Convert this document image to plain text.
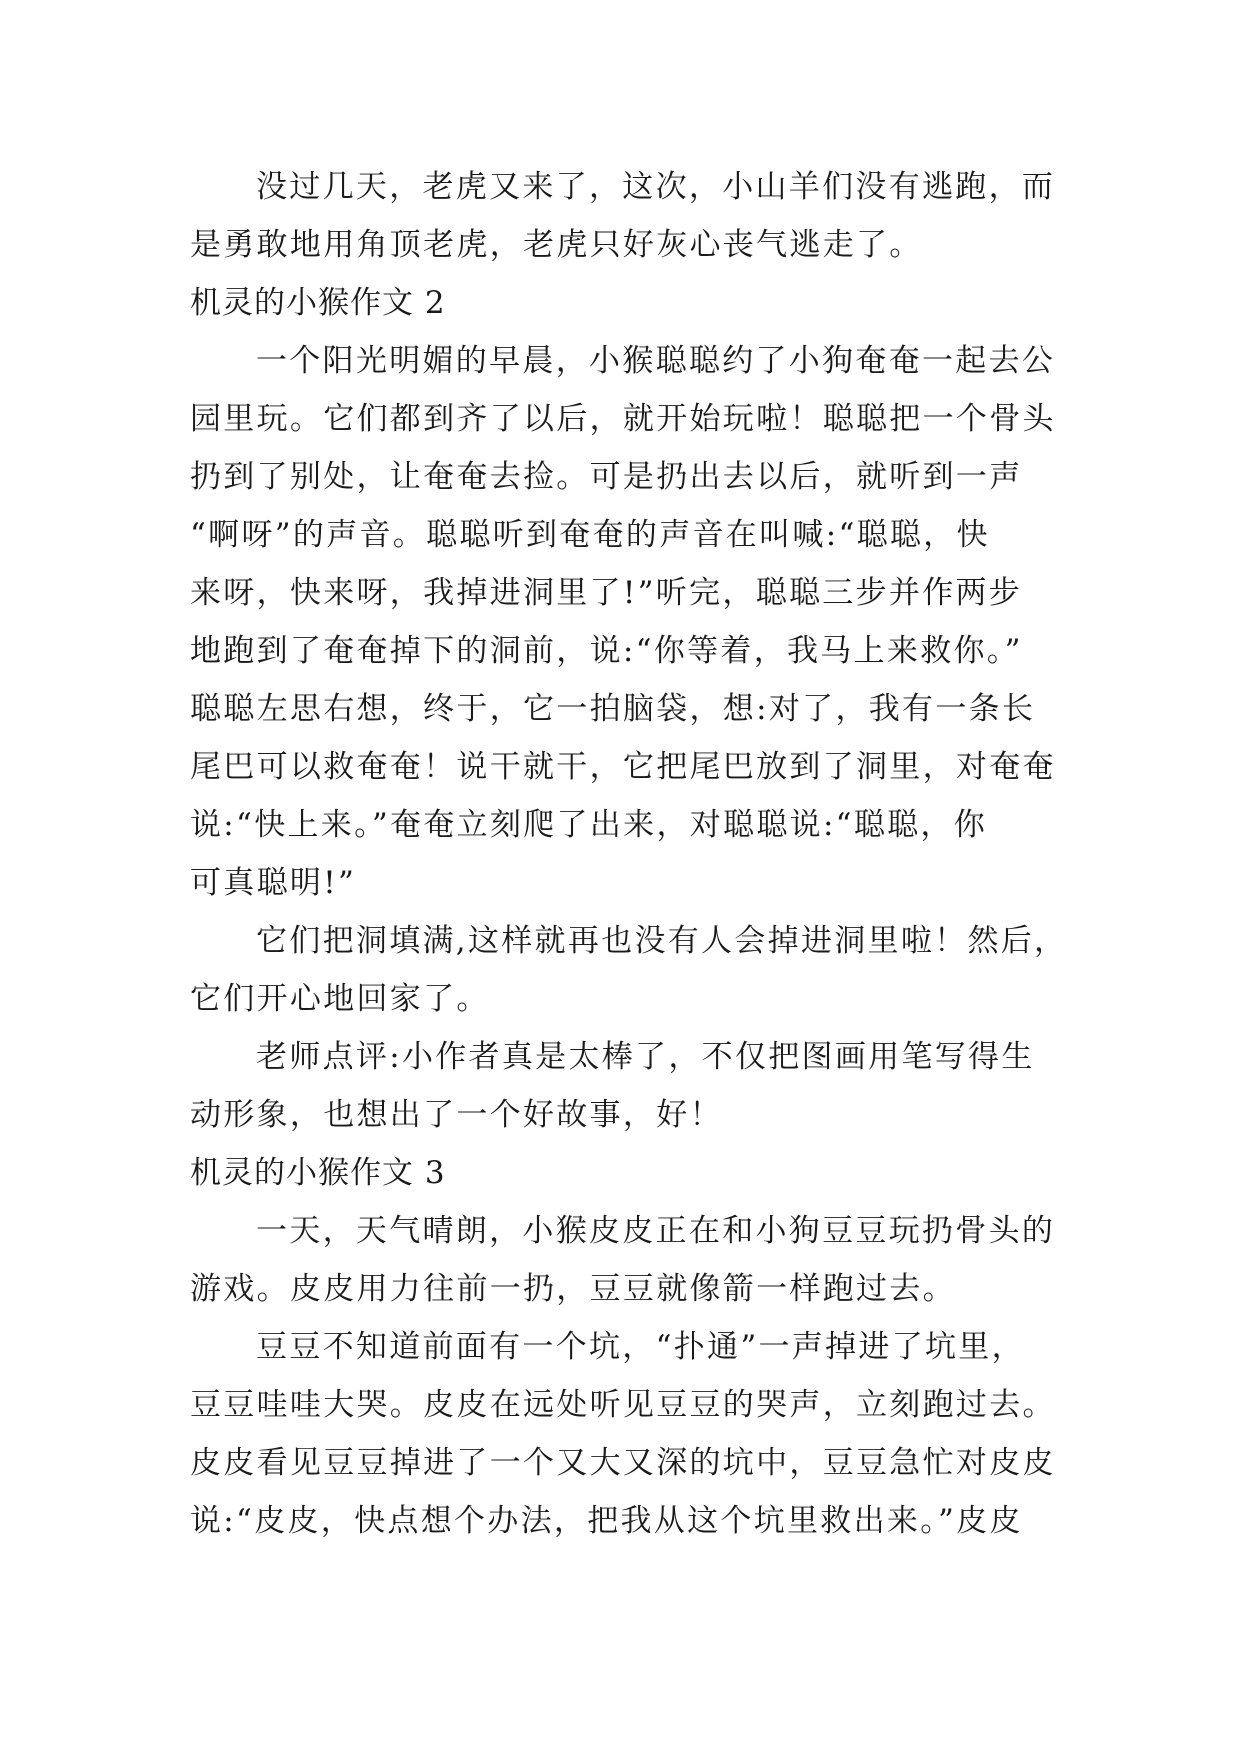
没过几天，老虎又来了，这次，小山羊们没有逃跑，而
是勇敢地用角顶老虎，老虎只好灰心丧气逃走了。
机灵的小猴作文 2
一个阳光明媚的早晨，小猴聪聪约了小狗奄奄一起去公
园里玩。它们都到齐了以后，就开始玩啦！聪聪把一个骨头
扔到了别处，让奄奄去捡。可是扔出去以后，就听到一声
“啊呀”的声音。聪聪听到奄奄的声音在叫喊:“聪聪，快
来呀，快来呀，我掉进洞里了!”听完，聪聪三步并作两步
地跑到了奄奄掉下的洞前，说:“你等着，我马上来救你。”
聪聪左思右想，终于，它一拍脑袋，想:对了，我有一条长
尾巴可以救奄奄！说干就干，它把尾巴放到了洞里，对奄奄
说:“快上来。”奄奄立刻爬了出来，对聪聪说:“聪聪，你
可真聪明!”
它们把洞填满,这样就再也没有人会掉进洞里啦！然后，
它们开心地回家了。
老师点评:小作者真是太棒了，不仅把图画用笔写得生
动形象，也想出了一个好故事，好！
机灵的小猴作文 3
一天，天气晴朗，小猴皮皮正在和小狗豆豆玩扔骨头的
游戏。皮皮用力往前一扔，豆豆就像箭一样跑过去。
豆豆不知道前面有一个坑，“扑通”一声掉进了坑里，
豆豆哇哇大哭。皮皮在远处听见豆豆的哭声，立刻跑过去。
皮皮看见豆豆掉进了一个又大又深的坑中，豆豆急忙对皮皮
说:“皮皮，快点想个办法，把我从这个坑里救出来。”皮皮
